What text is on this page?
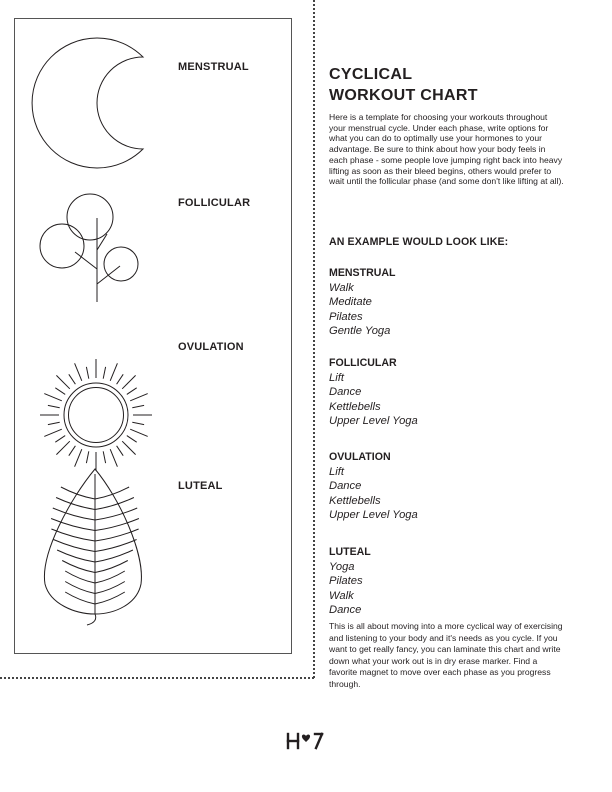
MENSTRUAL
FOLLICULAR
OVULATION
LUTEAL
CYCLICAL
WORKOUT CHART
Here is a template for choosing your workouts throughout your menstrual cycle. Under each phase, write options for what you can do to optimally use your hormones to your advantage. Be sure to think about how your body feels in each phase - some people love jumping right back into heavy lifting as soon as their bleed begins, others would prefer to wait until the follicular phase (and some don't like lifting at all).
AN EXAMPLE WOULD LOOK LIKE:
MENSTRUAL
Walk
Meditate
Pilates
Gentle Yoga
FOLLICULAR
Lift
Dance
Kettlebells
Upper Level Yoga
OVULATION
Lift
Dance
Kettlebells
Upper Level Yoga
LUTEAL
Yoga
Pilates
Walk
Dance
This is all about moving into a more cyclical way of exercising and listening to your body and it's needs as you cycle. If you want to get really fancy, you can laminate this chart and write down what your work out is in dry erase marker. Find a favorite magnet to move over each phase as you progress through.
